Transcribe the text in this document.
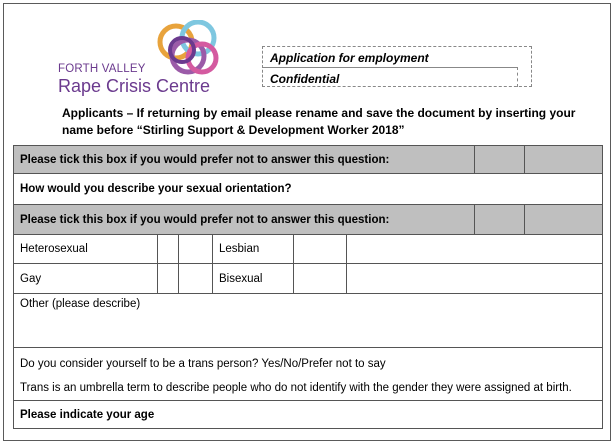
FORTH VALLEY
Rape Crisis Centre
Application for employment
Confidential
Applicants – If returning by email please rename and save the document by inserting your name before “Stirling Support & Development Worker 2018”
Please tick this box if you would prefer not to answer this question:							
How would you describe your sexual orientation?							
Please tick this box if you would prefer not to answer this question:							
Heterosexual			Lesbian				
Gay			Bisexual				
Other (please describe)							

Do you consider yourself to be a trans person? Yes/No/Prefer not to say
Trans is an umbrella term to describe people who do not identify with the gender they were assigned at birth.							

Please indicate your age							
